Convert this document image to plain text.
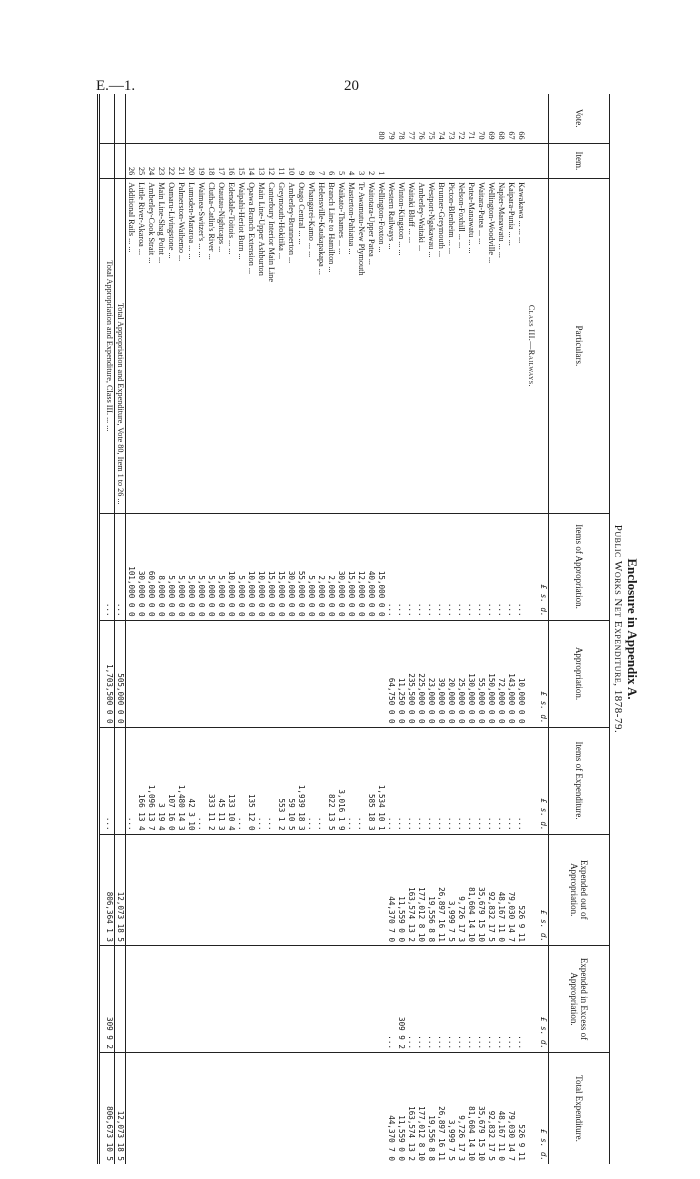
E.—1.	20
Enclosure in Appendix A.
Public Works Net Expenditure, 1878-79.
Vote.	Item.	Particulars.	Items of Appropriation.	Appropriation.	Items of Expenditure.	Expended out of Appropriation.	Expended in Excess of Appropriation.	Total Expenditure.
			£ s. d.	£ s. d.	£ s. d.	£ s. d.	£ s. d.	£ s. d.
		Class III.—Railways.						
66		Kawakawa ... ... ...	...	10,000 0 0	...	526 9 11	...	526 9 11
67		Kaipara-Punia ... ...	...	143,000 0 0	...	79,030 14 7	...	79,030 14 7
68		Napier-Manawatu ... ...	...	72,000 0 0	...	48,167 11 0	...	48,167 11 0
69		Wellington-Woodville ...	...	150,000 0 0	...	92,832 17 5	...	92,832 17 5
70		Waitara-Patea ... ...	...	55,000 0 0	...	35,679 15 10	...	35,679 15 10
71		Patea-Manawatu ... ...	...	130,000 0 0	...	81,604 14 10	...	81,604 14 10
72		Nelson-Foxhill ... ...	...	25,000 0 0	...	9,726 17 3	...	9,726 17 3
73		Picton-Blenheim ... ...	...	20,000 0 0	...	3,999 7 5	...	3,999 7 5
74		Brunner-Greymouth ...	...	39,000 0 0	...	26,897 16 11	...	26,897 16 11
75		Westport-Ngakawau ...	...	23,000 0 0	...	19,556 8 8	...	19,556 8 8
76		Amberley-Waitaki ...	...	225,000 0 0	...	177,012 8 10	...	177,012 8 10
77		Waitaki Bluff ... ...	...	235,500 0 0	...	163,574 13 2	...	163,574 13 2
78		Winton-Kingston ... ...	...	11,250 0 0	...	11,559 0 0	309 9 2	11,559 0 0
79		Western Railways ...	...	64,750 0 0	...	44,370 7 0	...	44,370 7 0
80	1	Wellington-Foxton ...	15,000 0 0		1,534 10 1			
	2	Waitotara-Upper Patea ...	40,000 0 0		585 18 3			
	3	Te Awamutu-New Plymouth	12,000 0 0		...			
	4	Masterton-Pahiatua ...	15,000 0 0		...			
	5	Waikato-Thames ... ...	30,000 0 0		3,016 1 9			
	6	Branch Line to Hamilton ...	2,000 0 0		822 13 5			
	7	Helensville-Kaukapakapa ...	2,000 0 0		...			
	8	Whangarei-Kamo ... ...	5,000 0 0		...			
	9	Otago Central ... ...	55,000 0 0		1,939 18 3			
	10	Amberley-Brunnerton ...	30,000 0 0		59 10 5			
	11	Greymouth-Hokitika ...	15,000 0 0		553 1 2			
	12	Canterbury Interior Main Line	15,000 0 0		...			
	13	Main Line-Upper Ashburton	10,000 0 0		...			
	14	Opawa Branch Extension ...	10,000 0 0		135 12 0			
	15	Waipahi-Heriot Burn ...	5,000 0 0		...			
	16	Edendale-Toitois ... ...	10,000 0 0		133 10 4			
	17	Otautau-Nightcaps ...	5,000 0 0		45 11 3			
	18	Clutha-Catlin's River ...	5,000 0 0		333 11 2			
	19	Waimea-Switzer's ... ...	5,000 0 0		...			
	20	Lumsden-Mararoa ... ...	5,000 0 0		42 3 10			
	21	Palmerston-Waihemo ...	5,000 0 0		1,480 14 3			
	22	Oamaru-Livingstone ...	5,000 0 0		107 16 0			
	23	Main Line-Shag Point ...	8,000 0 0		3 19 4			
	24	Amberley-Cook Strait ...	60,000 0 0		1,096 13 7			
	25	Little River-Akaroa ...	30,000 0 0		166 13 4			
	26	Additional Rails ... ...	101,000 0 0		...			
		Total Appropriation and Expenditure, Vote 80, Item 1 to 26 ...	...	505,000 0 0		12,073 18 5		12,073 18 5
		Total Appropriation and Expenditure, Class III. ... ...	...	1,703,500 0 0	...	806,364 1 3	309 9 2	806,673 10 5
